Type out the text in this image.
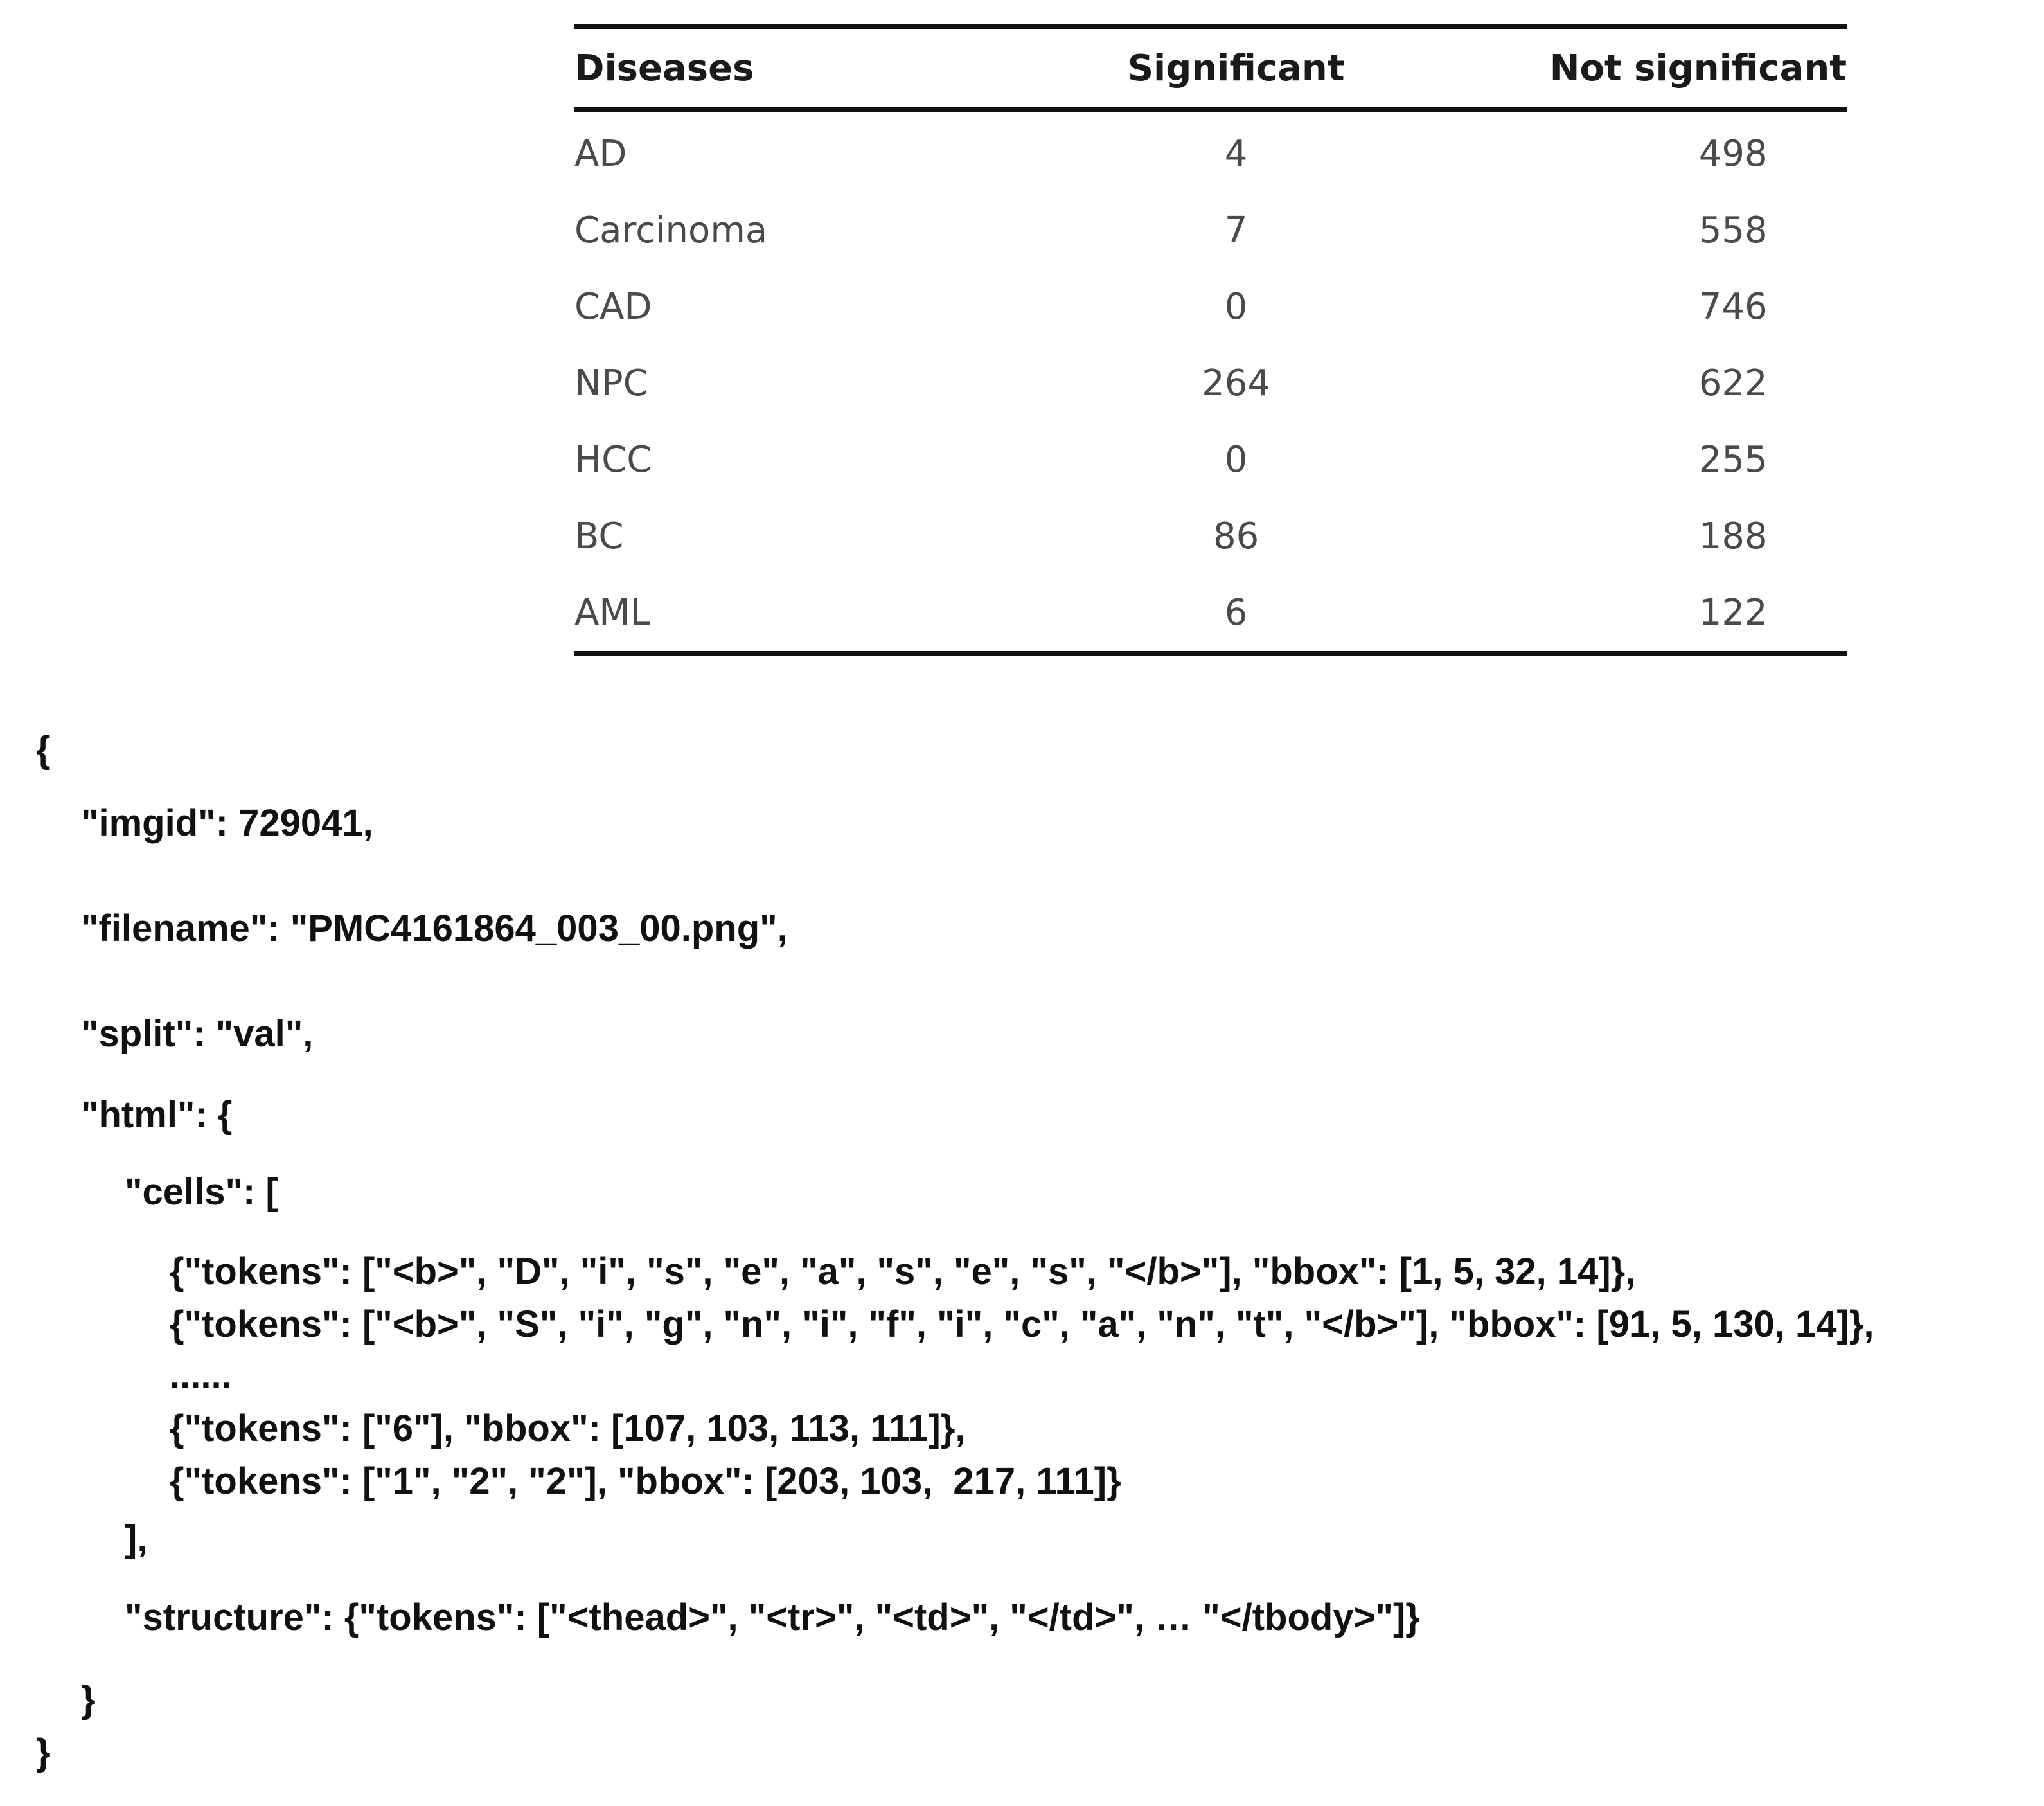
Diseases	Significant	Not significant
AD	4	498
Carcinoma	7	558
CAD	0	746
NPC	264	622
HCC	0	255
BC	86	188
AML	6	122

{

"imgid": 729041,

"filename": "PMC4161864_003_00.png",

"split": "val",

"html": {

"cells": [

{"tokens": ["<b>", "D", "i", "s", "e", "a", "s", "e", "s", "</b>"], "bbox": [1, 5, 32, 14]},

{"tokens": ["<b>", "S", "i", "g", "n", "i", "f", "i", "c", "a", "n", "t", "</b>"], "bbox": [91, 5, 130, 14]},

......

{"tokens": ["6"], "bbox": [107, 103, 113, 111]},

{"tokens": ["1", "2", "2"], "bbox": [203, 103,  217, 111]}

],

"structure": {"tokens": ["<thead>", "<tr>", "<td>", "</td>", … "</tbody>"]}

}

}
